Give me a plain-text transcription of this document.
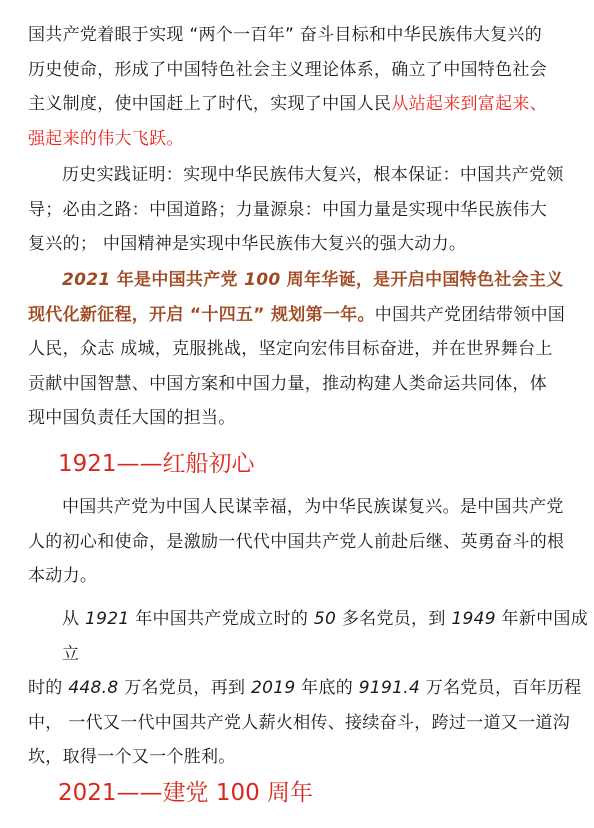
国共产党着眼于实现 “两个一百年” 奋斗目标和中华民族伟大复兴的
历史使命，形成了中国特色社会主义理论体系，确立了中国特色社会
主义制度，使中国赶上了时代，实现了中国人民从站起来到富起来、
强起来的伟大飞跃。
历史实践证明：实现中华民族伟大复兴，根本保证：中国共产党领
导；必由之路：中国道路；力量源泉：中国力量是实现中华民族伟大
复兴的； 中国精神是实现中华民族伟大复兴的强大动力。
2021 年是中国共产党 100 周年华诞，是开启中国特色社会主义
现代化新征程，开启 “十四五” 规划第一年。中国共产党团结带领中国
人民，众志 成城，克服挑战，坚定向宏伟目标奋进，并在世界舞台上
贡献中国智慧、中国方案和中国力量，推动构建人类命运共同体，体
现中国负责任大国的担当。
1921——红船初心
中国共产党为中国人民谋幸福，为中华民族谋复兴。是中国共产党
人的初心和使命，是激励一代代中国共产党人前赴后继、英勇奋斗的根
本动力。
从 1921 年中国共产党成立时的 50 多名党员，到 1949 年新中国成
立
时的 448.8 万名党员，再到 2019 年底的 9191.4 万名党员，百年历程
中， 一代又一代中国共产党人薪火相传、接续奋斗，跨过一道又一道沟
坎，取得一个又一个胜利。
2021——建党 100 周年
